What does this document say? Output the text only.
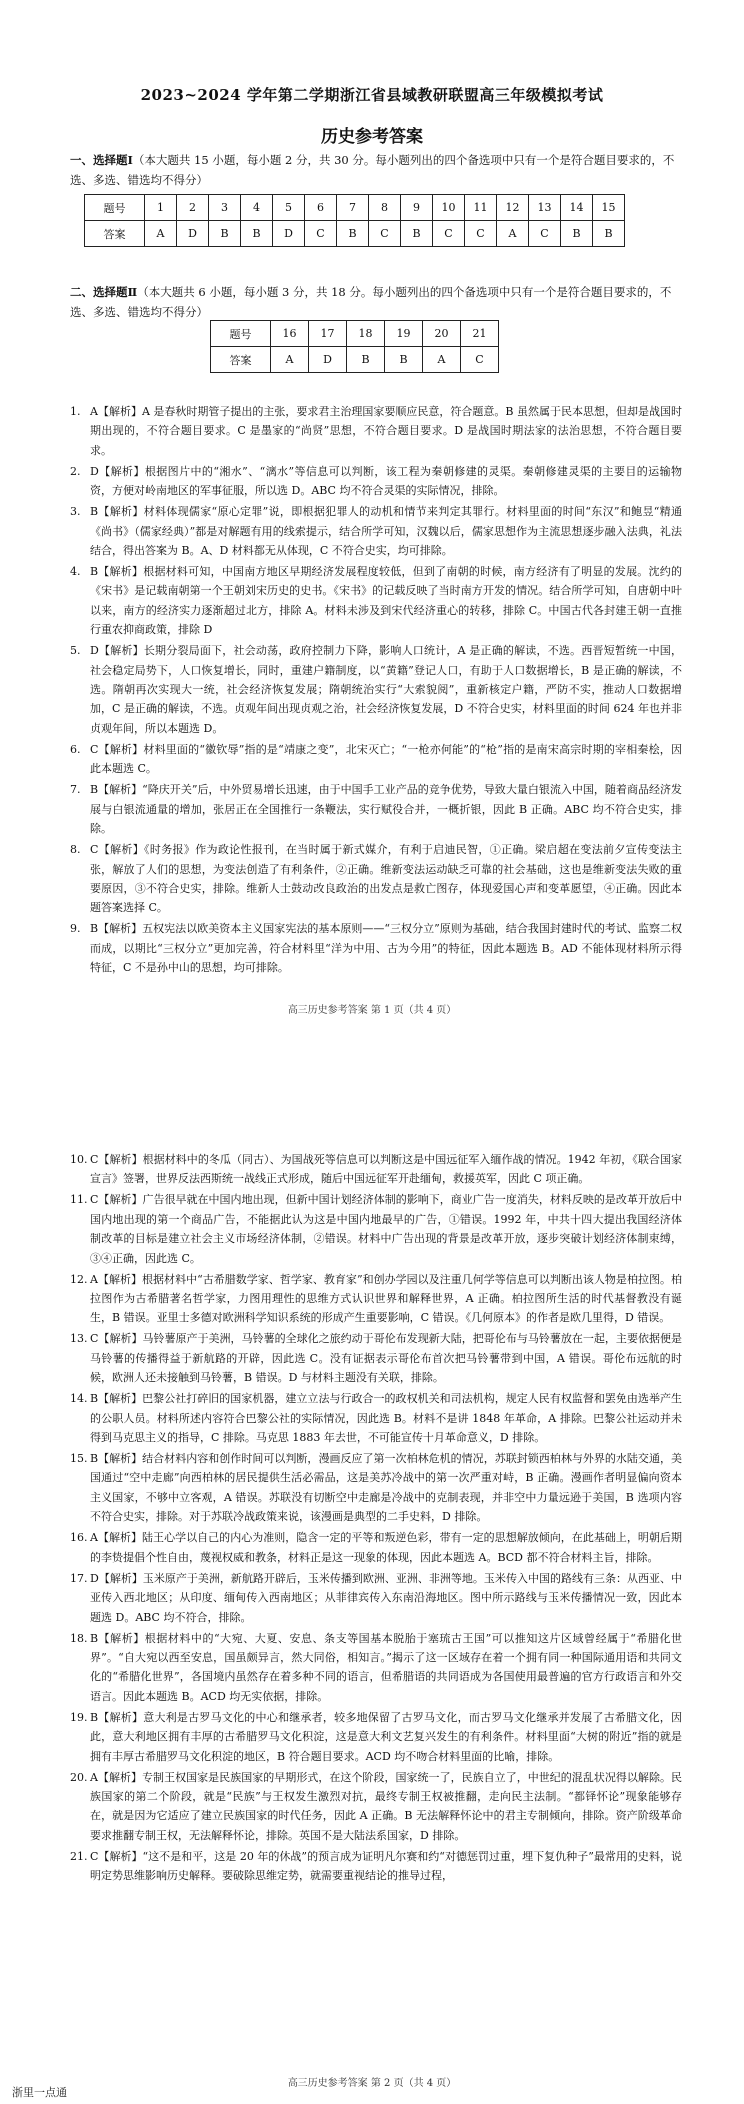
2023~2024 学年第二学期浙江省县域教研联盟高三年级模拟考试
历史参考答案
一、选择题Ⅰ（本大题共 15 小题，每小题 2 分，共 30 分。每小题列出的四个备选项中只有一个是符合题目要求的，不选、多选、错选均不得分）
题号	1	2	3	4	5	6	7	8	9	10	11	12	13	14	15
答案	A	D	B	B	D	C	B	C	B	C	C	A	C	B	B
二、选择题Ⅱ（本大题共 6 小题，每小题 3 分，共 18 分。每小题列出的四个备选项中只有一个是符合题目要求的，不选、多选、错选均不得分）
题号	16	17	18	19	20	21
答案	A	D	B	B	A	C

1. A【解析】A 是春秋时期管子提出的主张，要求君主治理国家要顺应民意，符合题意。B 虽然属于民本思想，但却是战国时期出现的，不符合题目要求。C 是墨家的“尚贤”思想，不符合题目要求。D 是战国时期法家的法治思想，不符合题目要求。

2. D【解析】根据图片中的“湘水”、“漓水”等信息可以判断，该工程为秦朝修建的灵渠。秦朝修建灵渠的主要目的运输物资，方便对岭南地区的军事征服，所以选 D。ABC 均不符合灵渠的实际情况，排除。

3. B【解析】材料体现儒家“原心定罪”说，即根据犯罪人的动机和情节来判定其罪行。材料里面的时间“东汉”和鲍昱“精通《尚书》（儒家经典）”都是对解题有用的线索提示，结合所学可知，汉魏以后，儒家思想作为主流思想逐步融入法典，礼法结合，得出答案为 B。A、D 材料都无从体现，C 不符合史实，均可排除。

4. B【解析】根据材料可知，中国南方地区早期经济发展程度较低，但到了南朝的时候，南方经济有了明显的发展。沈约的《宋书》是记载南朝第一个王朝刘宋历史的史书。《宋书》的记载反映了当时南方开发的情况。结合所学可知，自唐朝中叶以来，南方的经济实力逐渐超过北方，排除 A。材料未涉及到宋代经济重心的转移，排除 C。中国古代各封建王朝一直推行重农抑商政策，排除 D

5. D【解析】长期分裂局面下，社会动荡，政府控制力下降，影响人口统计，A 是正确的解读，不选。西晋短暂统一中国，社会稳定局势下，人口恢复增长，同时，重建户籍制度，以“黄籍”登记人口，有助于人口数据增长，B 是正确的解读，不选。隋朝再次实现大一统，社会经济恢复发展；隋朝统治实行“大索貌阅”，重新核定户籍，严防不实，推动人口数据增加，C 是正确的解读，不选。贞观年间出现贞观之治，社会经济恢复发展，D 不符合史实，材料里面的时间 624 年也并非贞观年间，所以本题选 D。

6. C【解析】材料里面的“徽钦辱”指的是“靖康之变”，北宋灭亡；“一枪亦何能”的“枪”指的是南宋高宗时期的宰相秦桧，因此本题选 C。

7. B【解析】“降庆开关”后，中外贸易增长迅速，由于中国手工业产品的竞争优势，导致大量白银流入中国，随着商品经济发展与白银流通量的增加，张居正在全国推行一条鞭法，实行赋役合并，一概折银，因此 B 正确。ABC 均不符合史实，排除。

8. C【解析】《时务报》作为政论性报刊，在当时属于新式媒介，有利于启迪民智，①正确。梁启超在变法前夕宣传变法主张，解放了人们的思想，为变法创造了有利条件，②正确。维新变法运动缺乏可靠的社会基础，这也是维新变法失败的重要原因，③不符合史实，排除。维新人士鼓动改良政治的出发点是救亡图存，体现爱国心声和变革愿望，④正确。因此本题答案选择 C。

9. B【解析】五权宪法以欧美资本主义国家宪法的基本原则——“三权分立”原则为基础，结合我国封建时代的考试、监察二权而成，以期比“三权分立”更加完善，符合材料里“洋为中用、古为今用”的特征，因此本题选 B。AD 不能体现材料所示得特征，C 不是孙中山的思想，均可排除。

高三历史参考答案 第 1 页（共 4 页）

10. C【解析】根据材料中的冬瓜（同古）、为国战死等信息可以判断这是中国远征军入缅作战的情况。1942 年初，《联合国家宣言》签署，世界反法西斯统一战线正式形成，随后中国远征军开赴缅甸，救援英军，因此 C 项正确。

11. C【解析】广告很早就在中国内地出现，但新中国计划经济体制的影响下，商业广告一度消失，材料反映的是改革开放后中国内地出现的第一个商品广告，不能据此认为这是中国内地最早的广告，①错误。1992 年，中共十四大提出我国经济体制改革的目标是建立社会主义市场经济体制，②错误。材料中广告出现的背景是改革开放，逐步突破计划经济体制束缚，③④正确，因此选 C。

12. A【解析】根据材料中“古希腊数学家、哲学家、教育家”和创办学园以及注重几何学等信息可以判断出该人物是柏拉图。柏拉图作为古希腊著名哲学家，力图用理性的思维方式认识世界和解释世界，A 正确。柏拉图所生活的时代基督教没有诞生，B 错误。亚里士多德对欧洲科学知识系统的形成产生重要影响，C 错误。《几何原本》的作者是欧几里得，D 错误。

13. C【解析】马铃薯原产于美洲，马铃薯的全球化之旅约动于哥伦布发现新大陆，把哥伦布与马铃薯放在一起，主要依据便是马铃薯的传播得益于新航路的开辟，因此选 C。没有证据表示哥伦布首次把马铃薯带到中国，A 错误。哥伦布远航的时候，欧洲人还未接触到马铃薯，B 错误。D 与材料主题没有关联，排除。

14. B【解析】巴黎公社打碎旧的国家机器，建立立法与行政合一的政权机关和司法机构，规定人民有权监督和罢免由选举产生的公职人员。材料所述内容符合巴黎公社的实际情况，因此选 B。材料不是讲 1848 年革命，A 排除。巴黎公社运动并未得到马克思主义的指导，C 排除。马克思 1883 年去世，不可能宣传十月革命意义，D 排除。

15. B【解析】结合材料内容和创作时间可以判断，漫画反应了第一次柏林危机的情况，苏联封锁西柏林与外界的水陆交通，美国通过“空中走廊”向西柏林的居民提供生活必需品，这是美苏冷战中的第一次严重对峙，B 正确。漫画作者明显偏向资本主义国家，不够中立客观，A 错误。苏联没有切断空中走廊是冷战中的克制表现，并非空中力量远逊于美国，B 选项内容不符合史实，排除。对于苏联冷战政策来说，该漫画是典型的二手史料，D 排除。

16. A【解析】陆王心学以自己的内心为准则，隐含一定的平等和叛逆色彩，带有一定的思想解放倾向，在此基础上，明朝后期的李贽提倡个性自由，蔑视权威和教条，材料正是这一现象的体现，因此本题选 A。BCD 都不符合材料主旨，排除。

17. D【解析】玉米原产于美洲，新航路开辟后，玉米传播到欧洲、亚洲、非洲等地。玉米传入中国的路线有三条：从西亚、中亚传入西北地区；从印度、缅甸传入西南地区；从菲律宾传入东南沿海地区。图中所示路线与玉米传播情况一致，因此本题选 D。ABC 均不符合，排除。

18. B【解析】根据材料中的“大宛、大夏、安息、条支等国基本脱胎于塞琉古王国”可以推知这片区域曾经属于“希腊化世界”。“自大宛以西至安息，国虽颇异言，然大同俗，相知言。”揭示了这一区域存在着一个拥有同一种国际通用语和共同文化的“希腊化世界”，各国境内虽然存在着多种不同的语言，但希腊语的共同语成为各国使用最普遍的官方行政语言和外交语言。因此本题选 B。ACD 均无实依据，排除。

19. B【解析】意大利是古罗马文化的中心和继承者，较多地保留了古罗马文化，而古罗马文化继承并发展了古希腊文化，因此，意大利地区拥有丰厚的古希腊罗马文化积淀，这是意大利文艺复兴发生的有利条件。材料里面“大树的附近”指的就是拥有丰厚古希腊罗马文化积淀的地区，B 符合题目要求。ACD 均不吻合材料里面的比喻，排除。

20. A【解析】专制王权国家是民族国家的早期形式，在这个阶段，国家统一了，民族自立了，中世纪的混乱状况得以解除。民族国家的第二个阶段，就是“民族”与王权发生激烈对抗，最终专制王权被推翻，走向民主法制。“都铎怀论”现象能够存在，就是因为它适应了建立民族国家的时代任务，因此 A 正确。B 无法解释怀论中的君主专制倾向，排除。资产阶级革命要求推翻专制王权，无法解释怀论，排除。英国不是大陆法系国家，D 排除。

21. C【解析】“这不是和平，这是 20 年的休战”的预言成为证明凡尔赛和约“对德惩罚过重，埋下复仇种子”最常用的史料，说明定势思维影响历史解释。要破除思维定势，就需要重视结论的推导过程，

高三历史参考答案 第 2 页（共 4 页）
浙里一点通
